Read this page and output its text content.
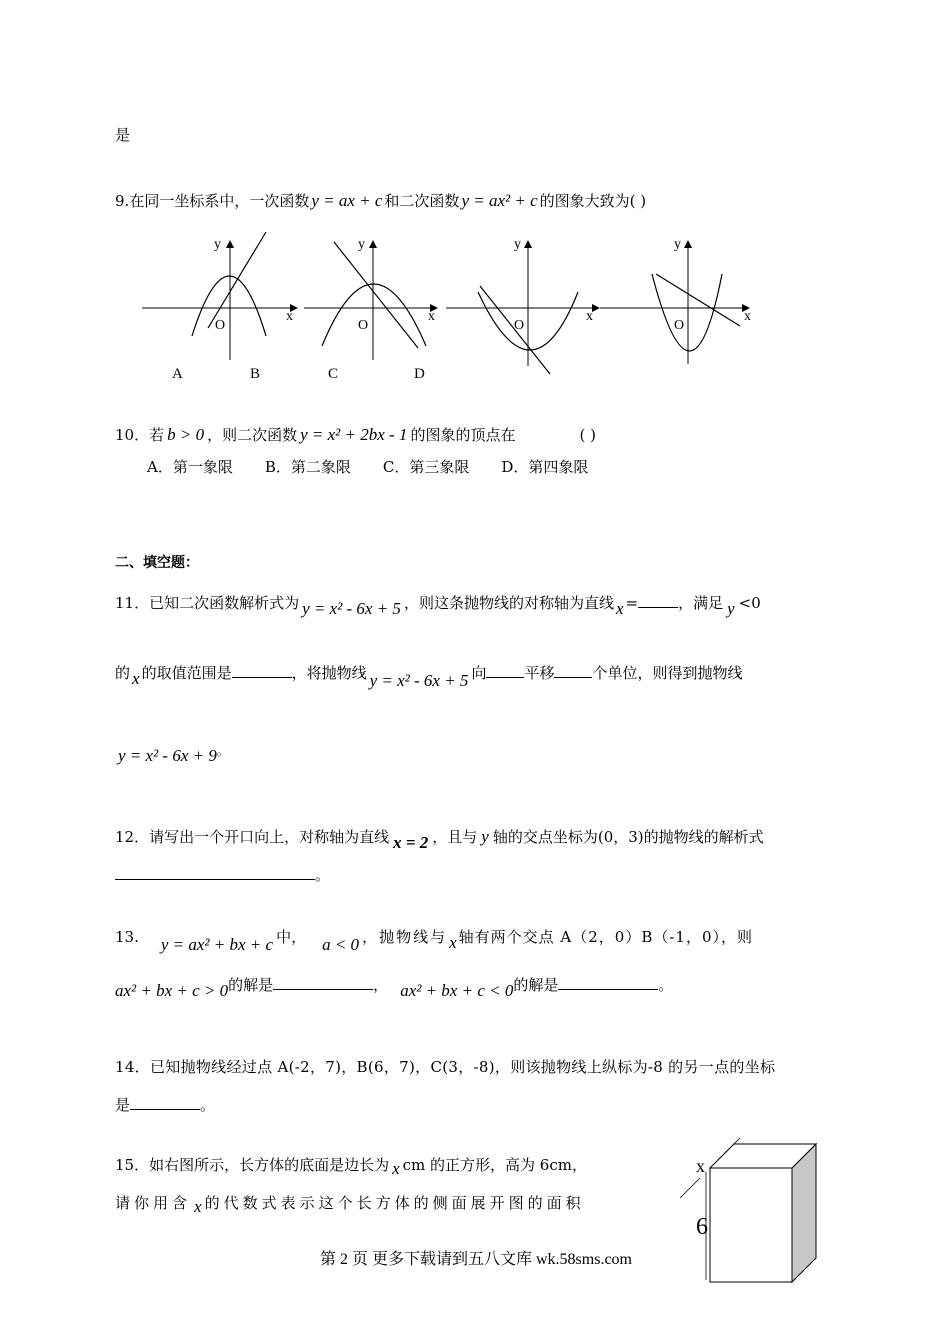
是
9.在同一坐标系中，一次函数 y = ax + c 和二次函数 y = ax² + c 的图象大致为( )
y
x
O
y
x
O
y
x
O
y
x
O
A	B	C	D
10．若 b > 0 ，则二次函数 y = x² + 2bx - 1 的图象的顶点在	( )
A．第一象限 B．第二象限 C．第三象限 D．第四象限
二、填空题：
11．已知二次函数解析式为 y = x² - 6x + 5 ，则这条抛物线的对称轴为直线 x =	，满足 y <0
的 x 的取值范围是	，将抛物线 y = x² - 6x + 5 向	平移	个单位，则得到抛物线
y = x² - 6x + 9。
12．请写出一个开口向上，对称轴为直线 x = 2 ，且与 y 轴的交点坐标为(0，3)的抛物线的解析式
。
13. y = ax² + bx + c 中， a < 0 ，抛物线与 x 轴有两个交点 A（2，0）B（-1，0），则
ax² + bx + c > 0的解是	， ax² + bx + c < 0的解是	。
14．已知抛物线经过点 A(-2，7)，B(6，7)，C(3，-8)，则该抛物线上纵标为-8 的另一点的坐标
是	。
15．如右图所示，长方体的底面是边长为 x cm 的正方形，高为 6cm，
请你用含 x 的代数式表示这个长方体的侧面展开图的面积
x
6
第 2 页 更多下载请到五八文库 wk.58sms.com
